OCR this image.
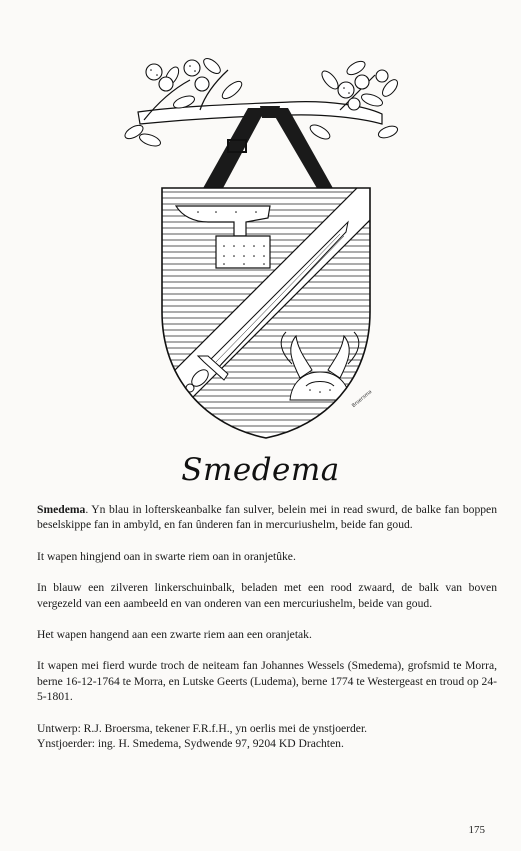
Broersma
Smedema

Smedema. Yn blau in lofterskeanbalke fan sulver, belein mei in read swurd, de balke fan boppen beselskippe fan in ambyld, en fan ûnderen fan in mercuriushelm, beide fan goud.

It wapen hingjend oan in swarte riem oan in oranjetûke.

In blauw een zilveren linkerschuinbalk, beladen met een rood zwaard, de balk van boven vergezeld van een aambeeld en van onderen van een mercuriushelm, beide van goud.

Het wapen hangend aan een zwarte riem aan een oranjetak.

It wapen mei fierd wurde troch de neiteam fan Johannes Wessels (Smedema), grofsmid te Morra, berne 16-12-1764 te Morra, en Lutske Geerts (Ludema), berne 1774 te Westergeast en troud op 24-5-1801.

Untwerp: R.J. Broersma, tekener F.R.f.H., yn oerlis mei de ynstjoerder.

Ynstjoerder: ing. H. Smedema, Sydwende 97, 9204 KD Drachten.

175
